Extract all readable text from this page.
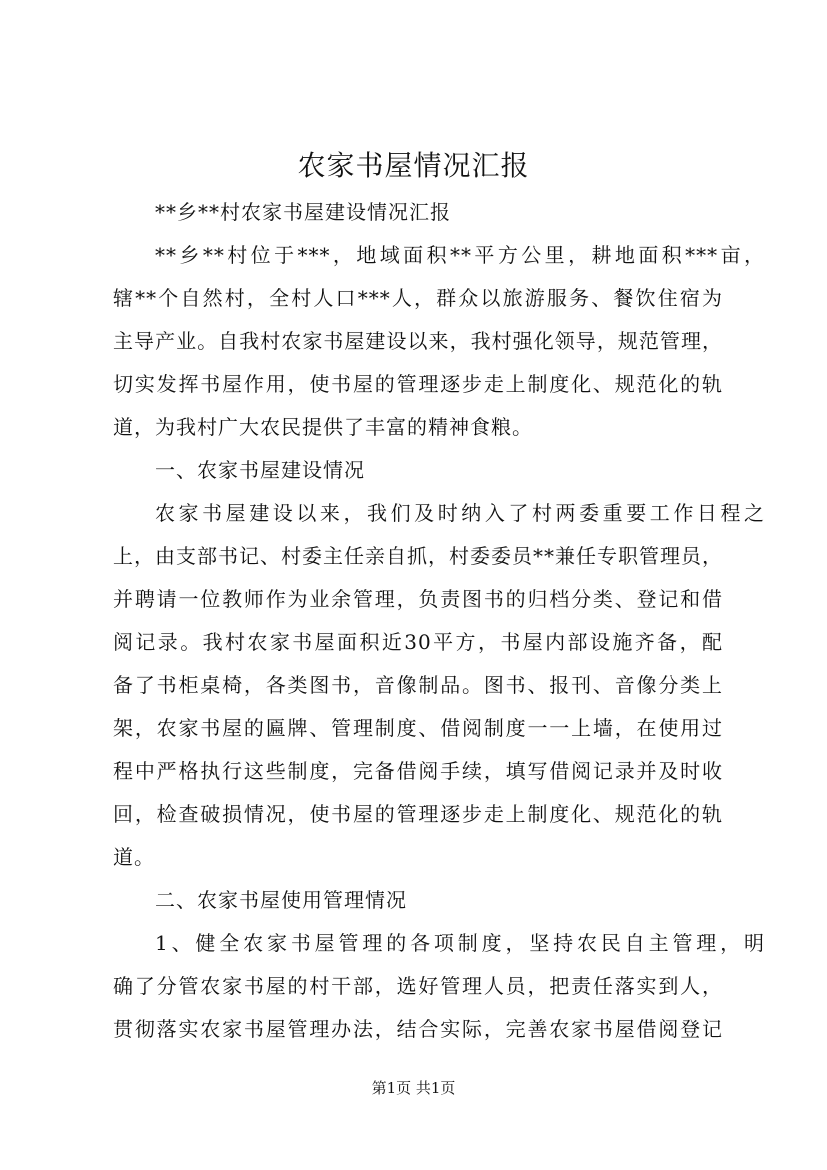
农家书屋情况汇报

**乡**村农家书屋建设情况汇报

**乡**村位于***，地域面积**平方公里，耕地面积***亩，

辖**个自然村，全村人口***人，群众以旅游服务、餐饮住宿为

主导产业。自我村农家书屋建设以来，我村强化领导，规范管理，

切实发挥书屋作用，使书屋的管理逐步走上制度化、规范化的轨

道，为我村广大农民提供了丰富的精神食粮。

一、农家书屋建设情况

农家书屋建设以来，我们及时纳入了村两委重要工作日程之

上，由支部书记、村委主任亲自抓，村委委员**兼任专职管理员，

并聘请一位教师作为业余管理，负责图书的归档分类、登记和借

阅记录。我村农家书屋面积近30平方，书屋内部设施齐备，配

备了书柜桌椅，各类图书，音像制品。图书、报刊、音像分类上

架，农家书屋的匾牌、管理制度、借阅制度一一上墙，在使用过

程中严格执行这些制度，完备借阅手续，填写借阅记录并及时收

回，检查破损情况，使书屋的管理逐步走上制度化、规范化的轨

道。

二、农家书屋使用管理情况

1、健全农家书屋管理的各项制度，坚持农民自主管理，明

确了分管农家书屋的村干部，选好管理人员，把责任落实到人，

贯彻落实农家书屋管理办法，结合实际，完善农家书屋借阅登记

第1页 共1页
